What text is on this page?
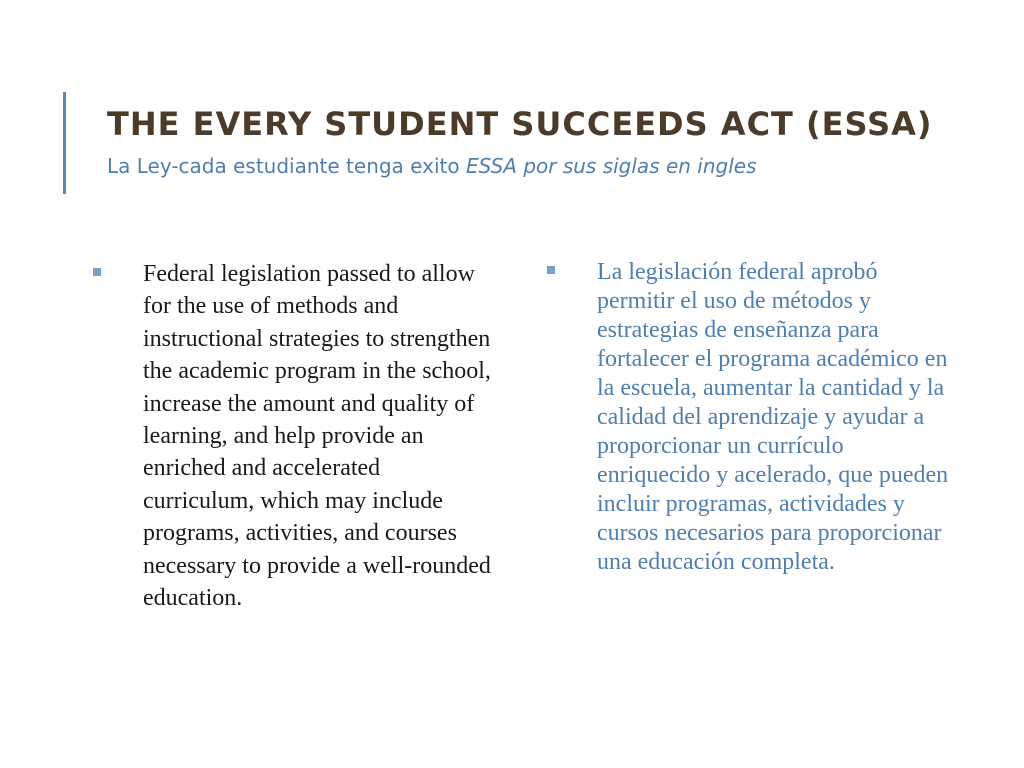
THE EVERY STUDENT SUCCEEDS ACT (ESSA)

La Ley-cada estudiante tenga exito ESSA por sus siglas en ingles

Federal legislation passed to allow for the use of methods and instructional strategies to strengthen the academic program in the school, increase the amount and quality of learning, and help provide an enriched and accelerated curriculum, which may include programs, activities, and courses necessary to provide a well-rounded education.
La legislación federal aprobó permitir el uso de métodos y estrategias de enseñanza para fortalecer el programa académico en la escuela, aumentar la cantidad y la calidad del aprendizaje y ayudar a proporcionar un currículo enriquecido y acelerado, que pueden incluir programas, actividades y cursos necesarios para proporcionar una educación completa.
